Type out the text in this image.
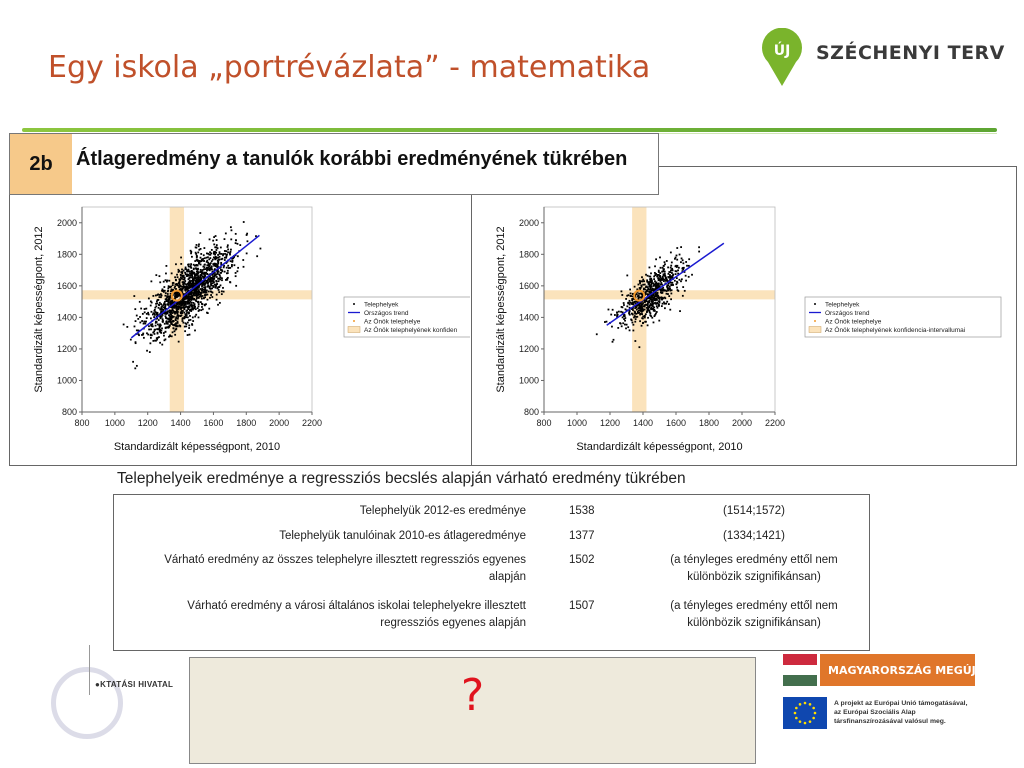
Egy iskola „portrévázlata” - matematika	ÚJ SZÉCHENYI TERV
800 1000 1200 1400 1600 1800 2000 2200
800
1000
1200
1400
1600
1800
2000
Standardizált képességpont, 2010
Standardizált képességpont, 2012	Telephelyek
Országos trend
Az Önök telephelye
Az Önök telephelyének konfiden
800 1000 1200 1400 1600 1800 2000 2200
800
1000
1200
1400
1600
1800
2000
Standardizált képességpont, 2010
Standardizált képességpont, 2012	Telephelyek
Országos trend
Az Önök telephelye
Az Önök telephelyének konfidencia-intervallumai
2b	Átlageredmény a tanulók korábbi eredményének tükrében
Telephelyeik eredménye a regressziós becslés alapján várható eredmény tükrében
Telephelyük 2012-es eredménye	1538	(1514;1572)
Telephelyük tanulóinak 2010-es átlageredménye	1377	(1334;1421)
Várható eredmény az összes telephelyre illesztett regressziós egyenes
alapján
1502	(a tényleges eredmény ettől nem
különbözik szignifikánsan)
Várható eredmény a városi általános iskolai telephelyekre illesztett
regressziós egyenes alapján
1507	(a tényleges eredmény ettől nem
különbözik szignifikánsan)
●KTATÁSI HIVATAL	?	MAGYARORSZÁG MEGÚJUL
A projekt az Európai Unió támogatásával,
az Európai Szociális Alap
társfinanszírozásával valósul meg.
